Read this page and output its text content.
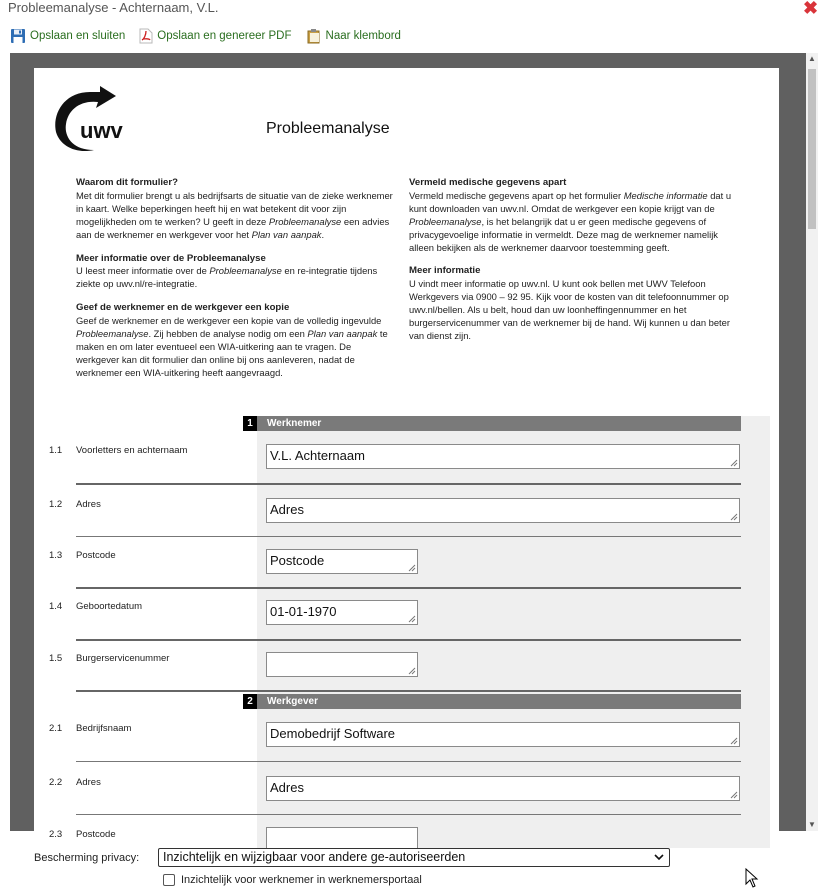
Probleemanalyse - Achternaam, V.L.	✖
Opslaan en sluiten	Opslaan en genereer PDF	Naar klembord
uwv	Probleemanalyse
Waarom dit formulier?

Met dit formulier brengt u als bedrijfsarts de situatie van de zieke werknemer in kaart. Welke beperkingen heeft hij en wat betekent dit voor zijn mogelijkheden om te werken? U geeft in deze Probleemanalyse een advies aan de werknemer en werkgever voor het Plan van aanpak.

Meer informatie over de Probleemanalyse

U leest meer informatie over de Probleemanalyse en re-integratie tijdens ziekte op uwv.nl/re-integratie.

Geef de werknemer en de werkgever een kopie

Geef de werknemer en de werkgever een kopie van de volledig ingevulde Probleemanalyse. Zij hebben de analyse nodig om een Plan van aanpak te maken en om later eventueel een WIA-uitkering aan te vragen. De werkgever kan dit formulier dan online bij ons aanleveren, nadat de werknemer een WIA-uitkering heeft aangevraagd.

Vermeld medische gegevens apart

Vermeld medische gegevens apart op het formulier Medische informatie dat u kunt downloaden van uwv.nl. Omdat de werkgever een kopie krijgt van de Probleemanalyse, is het belangrijk dat u er geen medische gegevens of privacygevoelige informatie in vermeldt. Deze mag de werknemer namelijk alleen bekijken als de werknemer daarvoor toestemming geeft.

Meer informatie

U vindt meer informatie op uwv.nl. U kunt ook bellen met UWV Telefoon Werkgevers via 0900 – 92 95. Kijk voor de kosten van dit telefoonnummer op uwv.nl/bellen. Als u belt, houd dan uw loonheffingennummer en het burgerservicenummer van de werknemer bij de hand. Wij kunnen u dan beter van dienst zijn.

1	Werknemer
1.1 Voorletters en achternaam	V.L. Achternaam
1.2 Adres	Adres
1.3 Postcode	Postcode
1.4 Geboortedatum	01-01-1970
1.5 Burgerservicenummer
2	Werkgever
2.1 Bedrijfsnaam	Demobedrijf Software
2.2 Adres	Adres
2.3 Postcode
▲
▼
Bescherming privacy:	Inzichtelijk en wijzigbaar voor andere ge-autoriseerden
Inzichtelijk voor werknemer in werknemersportaal
